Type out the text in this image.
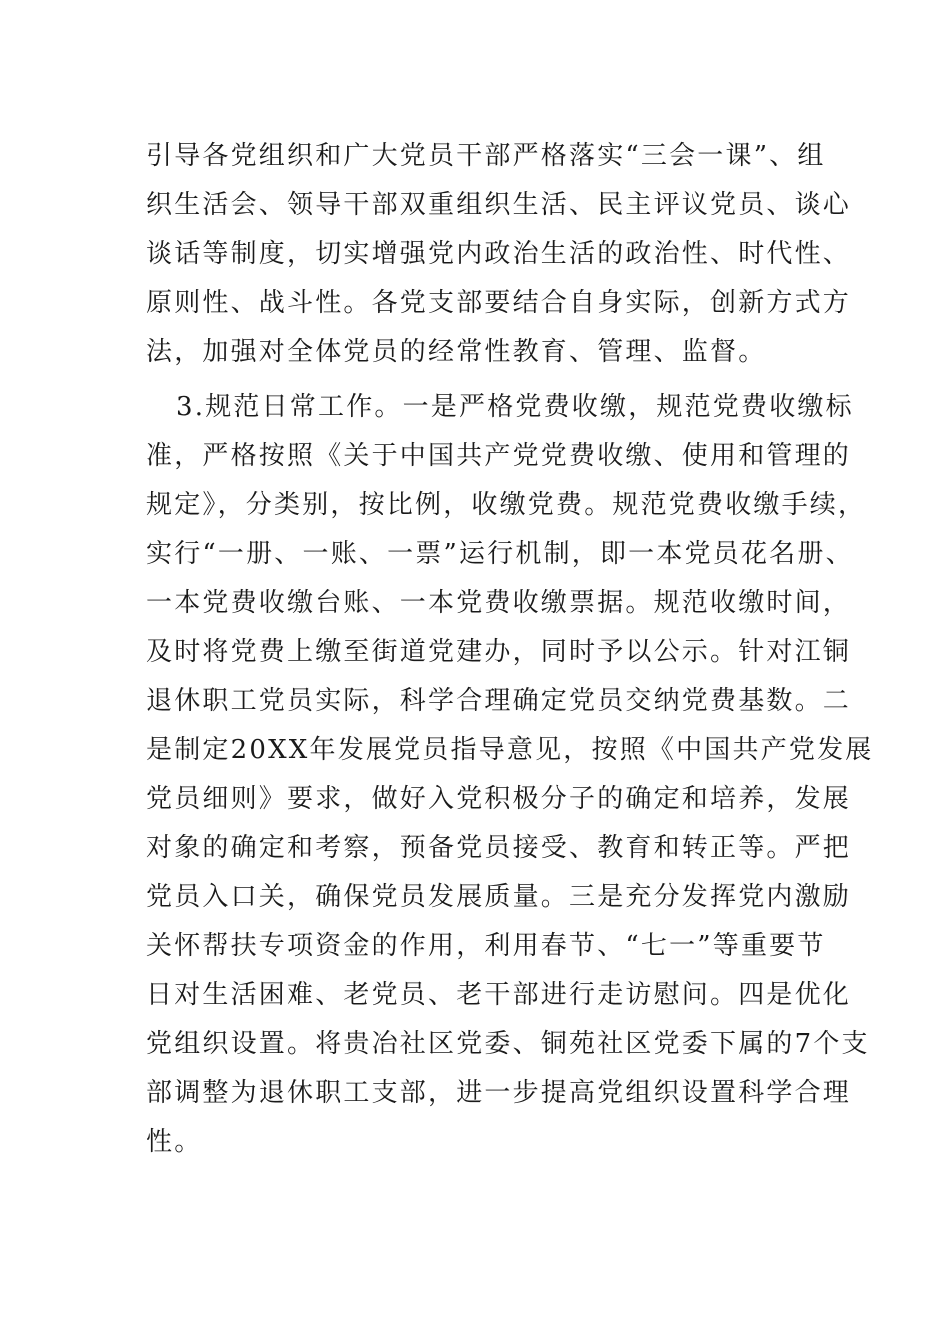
引导各党组织和广大党员干部严格落实“三会一课”、组
织生活会、领导干部双重组织生活、民主评议党员、谈心
谈话等制度，切实增强党内政治生活的政治性、时代性、
原则性、战斗性。各党支部要结合自身实际，创新方式方
法，加强对全体党员的经常性教育、管理、监督。
3.规范日常工作。一是严格党费收缴，规范党费收缴标
准，严格按照《关于中国共产党党费收缴、使用和管理的
规定》，分类别，按比例，收缴党费。规范党费收缴手续，
实行“一册、一账、一票”运行机制，即一本党员花名册、
一本党费收缴台账、一本党费收缴票据。规范收缴时间，
及时将党费上缴至街道党建办，同时予以公示。针对江铜
退休职工党员实际，科学合理确定党员交纳党费基数。二
是制定20XX年发展党员指导意见，按照《中国共产党发展
党员细则》要求，做好入党积极分子的确定和培养，发展
对象的确定和考察，预备党员接受、教育和转正等。严把
党员入口关，确保党员发展质量。三是充分发挥党内激励
关怀帮扶专项资金的作用，利用春节、“七一”等重要节
日对生活困难、老党员、老干部进行走访慰问。四是优化
党组织设置。将贵冶社区党委、铜苑社区党委下属的7个支
部调整为退休职工支部，进一步提高党组织设置科学合理
性。
